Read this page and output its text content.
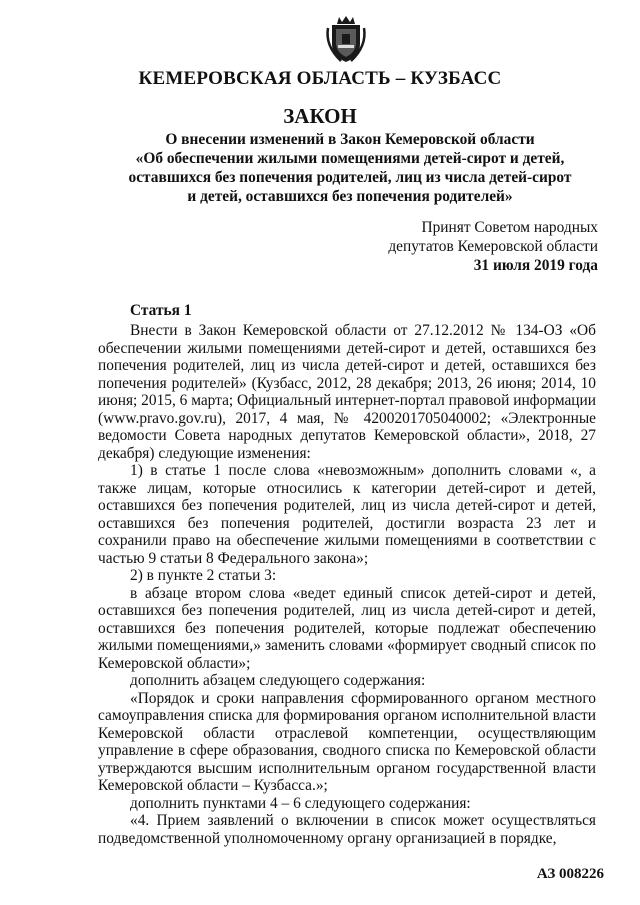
КЕМЕРОВСКАЯ ОБЛАСТЬ – КУЗБАСС
ЗАКОН
О внесении изменений в Закон Кемеровской области
«Об обеспечении жилыми помещениями детей-сирот и детей,
оставшихся без попечения родителей, лиц из числа детей-сирот
и детей, оставшихся без попечения родителей»
Принят Советом народных
депутатов Кемеровской области
31 июля 2019 года
Статья 1

Внести в Закон Кемеровской области от 27.12.2012 № 134-ОЗ «Об обеспечении жилыми помещениями детей-сирот и детей, оставшихся без попечения родителей, лиц из числа детей-сирот и детей, оставшихся без попечения родителей» (Кузбасс, 2012, 28 декабря; 2013, 26 июня; 2014, 10 июня; 2015, 6 марта; Официальный интернет-портал правовой информации (www.pravo.gov.ru), 2017, 4 мая, № 4200201705040002; «Электронные ведомости Совета народных депутатов Кемеровской области», 2018, 27 декабря) следующие изменения:

1) в статье 1 после слова «невозможным» дополнить словами «, а также лицам, которые относились к категории детей-сирот и детей, оставшихся без попечения родителей, лиц из числа детей-сирот и детей, оставшихся без попечения родителей, достигли возраста 23 лет и сохранили право на обеспечение жилыми помещениями в соответствии с частью 9 статьи 8 Федерального закона»;

2) в пункте 2 статьи 3:

в абзаце втором слова «ведет единый список детей-сирот и детей, оставшихся без попечения родителей, лиц из числа детей-сирот и детей, оставшихся без попечения родителей, которые подлежат обеспечению жилыми помещениями,» заменить словами «формирует сводный список по Кемеровской области»;

дополнить абзацем следующего содержания:

«Порядок и сроки направления сформированного органом местного самоуправления списка для формирования органом исполнительной власти Кемеровской области отраслевой компетенции, осуществляющим управление в сфере образования, сводного списка по Кемеровской области утверждаются высшим исполнительным органом государственной власти Кемеровской области – Кузбасса.»;

дополнить пунктами 4 – 6 следующего содержания:

«4. Прием заявлений о включении в список может осуществляться подведомственной уполномоченному органу организацией в порядке,

АЗ 008226
